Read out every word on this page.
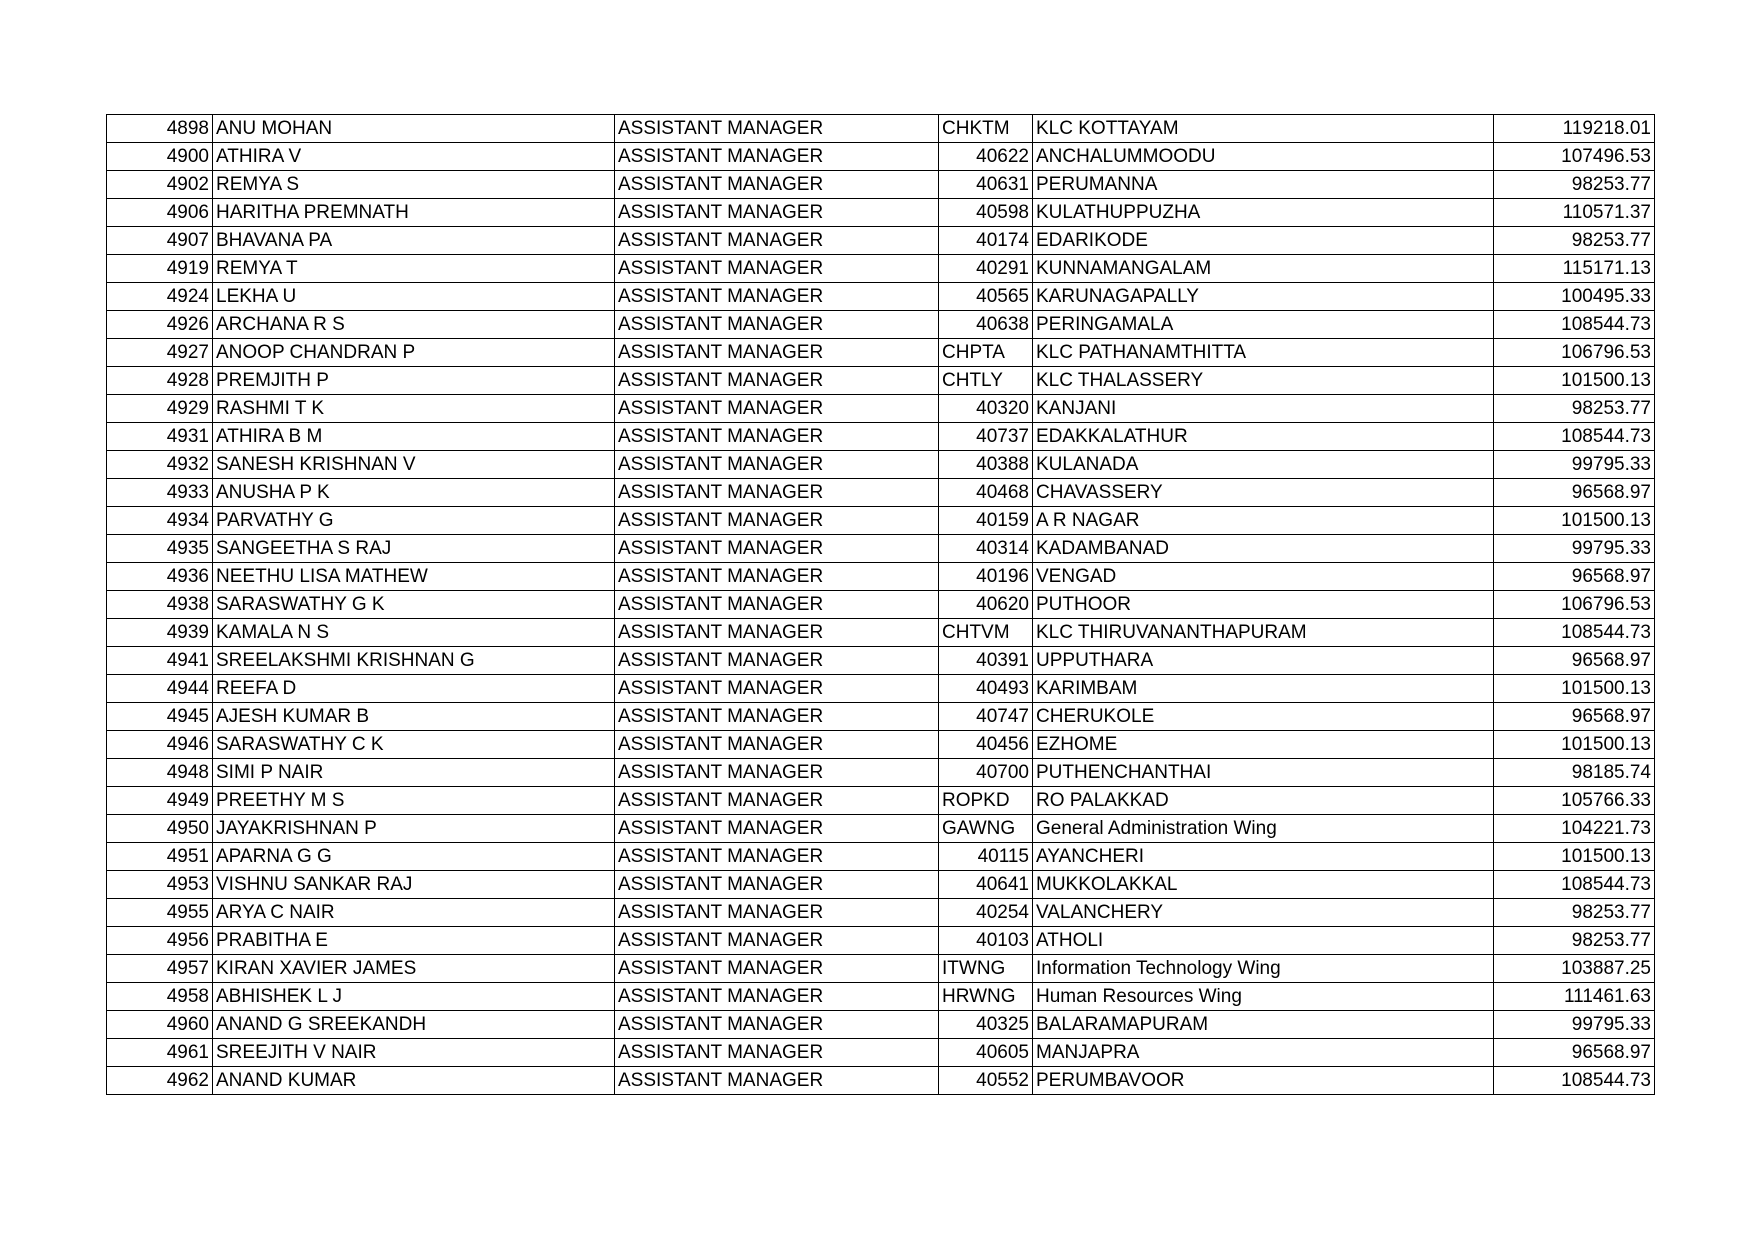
4898	ANU MOHAN	ASSISTANT MANAGER	CHKTM	KLC KOTTAYAM	119218.01
4900	ATHIRA V	ASSISTANT MANAGER	40622	ANCHALUMMOODU	107496.53
4902	REMYA S	ASSISTANT MANAGER	40631	PERUMANNA	98253.77
4906	HARITHA PREMNATH	ASSISTANT MANAGER	40598	KULATHUPPUZHA	110571.37
4907	BHAVANA PA	ASSISTANT MANAGER	40174	EDARIKODE	98253.77
4919	REMYA T	ASSISTANT MANAGER	40291	KUNNAMANGALAM	115171.13
4924	LEKHA U	ASSISTANT MANAGER	40565	KARUNAGAPALLY	100495.33
4926	ARCHANA R S	ASSISTANT MANAGER	40638	PERINGAMALA	108544.73
4927	ANOOP CHANDRAN P	ASSISTANT MANAGER	CHPTA	KLC PATHANAMTHITTA	106796.53
4928	PREMJITH P	ASSISTANT MANAGER	CHTLY	KLC THALASSERY	101500.13
4929	RASHMI T K	ASSISTANT MANAGER	40320	KANJANI	98253.77
4931	ATHIRA B M	ASSISTANT MANAGER	40737	EDAKKALATHUR	108544.73
4932	SANESH KRISHNAN V	ASSISTANT MANAGER	40388	KULANADA	99795.33
4933	ANUSHA P K	ASSISTANT MANAGER	40468	CHAVASSERY	96568.97
4934	PARVATHY G	ASSISTANT MANAGER	40159	A R NAGAR	101500.13
4935	SANGEETHA S RAJ	ASSISTANT MANAGER	40314	KADAMBANAD	99795.33
4936	NEETHU LISA MATHEW	ASSISTANT MANAGER	40196	VENGAD	96568.97
4938	SARASWATHY G K	ASSISTANT MANAGER	40620	PUTHOOR	106796.53
4939	KAMALA N S	ASSISTANT MANAGER	CHTVM	KLC THIRUVANANTHAPURAM	108544.73
4941	SREELAKSHMI KRISHNAN G	ASSISTANT MANAGER	40391	UPPUTHARA	96568.97
4944	REEFA D	ASSISTANT MANAGER	40493	KARIMBAM	101500.13
4945	AJESH KUMAR B	ASSISTANT MANAGER	40747	CHERUKOLE	96568.97
4946	SARASWATHY C K	ASSISTANT MANAGER	40456	EZHOME	101500.13
4948	SIMI P NAIR	ASSISTANT MANAGER	40700	PUTHENCHANTHAI	98185.74
4949	PREETHY M S	ASSISTANT MANAGER	ROPKD	RO PALAKKAD	105766.33
4950	JAYAKRISHNAN P	ASSISTANT MANAGER	GAWNG	General Administration Wing	104221.73
4951	APARNA G G	ASSISTANT MANAGER	40115	AYANCHERI	101500.13
4953	VISHNU SANKAR RAJ	ASSISTANT MANAGER	40641	MUKKOLAKKAL	108544.73
4955	ARYA C NAIR	ASSISTANT MANAGER	40254	VALANCHERY	98253.77
4956	PRABITHA E	ASSISTANT MANAGER	40103	ATHOLI	98253.77
4957	KIRAN XAVIER JAMES	ASSISTANT MANAGER	ITWNG	Information Technology Wing	103887.25
4958	ABHISHEK L J	ASSISTANT MANAGER	HRWNG	Human Resources Wing	111461.63
4960	ANAND G SREEKANDH	ASSISTANT MANAGER	40325	BALARAMAPURAM	99795.33
4961	SREEJITH V NAIR	ASSISTANT MANAGER	40605	MANJAPRA	96568.97
4962	ANAND KUMAR	ASSISTANT MANAGER	40552	PERUMBAVOOR	108544.73
